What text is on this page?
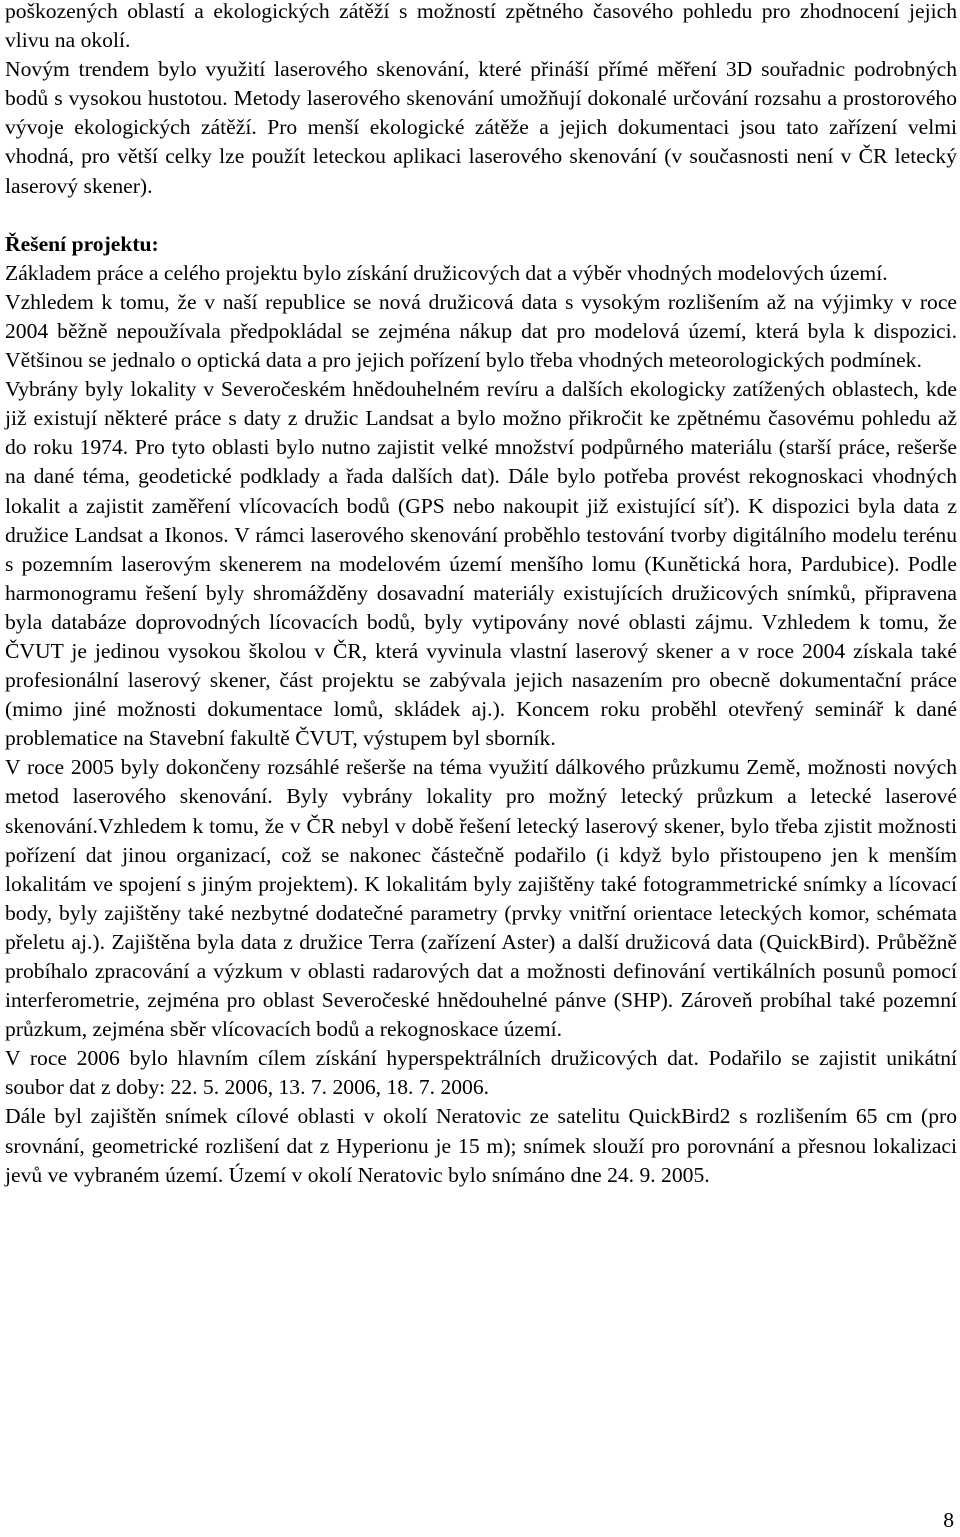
poškozených oblastí a ekologických zátěží s možností zpětného časového pohledu pro zhodnocení jejich vlivu na okolí.

Novým trendem bylo využití laserového skenování, které přináší přímé měření 3D souřadnic podrobných bodů s vysokou hustotou. Metody laserového skenování umožňují dokonalé určování rozsahu a prostorového vývoje ekologických zátěží. Pro menší ekologické zátěže a jejich dokumentaci jsou tato zařízení velmi vhodná, pro větší celky lze použít leteckou aplikaci laserového skenování (v současnosti není v ČR letecký laserový skener).

Řešení projektu:

Základem práce a celého projektu bylo získání družicových dat a výběr vhodných modelových území.

Vzhledem k tomu, že v naší republice se nová družicová data s vysokým rozlišením až na výjimky v roce 2004 běžně nepoužívala předpokládal se zejména nákup dat pro modelová území, která byla k dispozici. Většinou se jednalo o optická data a pro jejich pořízení bylo třeba vhodných meteorologických podmínek.

Vybrány byly lokality v Severočeském hnědouhelném revíru a dalších ekologicky zatížených oblastech, kde již existují některé práce s daty z družic Landsat a bylo možno přikročit ke zpětnému časovému pohledu až do roku 1974. Pro tyto oblasti bylo nutno zajistit velké množství podpůrného materiálu (starší práce, rešerše na dané téma, geodetické podklady a řada dalších dat). Dále bylo potřeba provést rekognoskaci vhodných lokalit a zajistit zaměření vlícovacích bodů (GPS nebo nakoupit již existující síť). K dispozici byla data z družice Landsat a Ikonos. V rámci laserového skenování proběhlo testování tvorby digitálního modelu terénu s pozemním laserovým skenerem na modelovém území menšího lomu (Kunětická hora, Pardubice). Podle harmonogramu řešení byly shromážděny dosavadní materiály existujících družicových snímků, připravena byla databáze doprovodných lícovacích bodů, byly vytipovány nové oblasti zájmu. Vzhledem k tomu, že ČVUT je jedinou vysokou školou v ČR, která vyvinula vlastní laserový skener a v roce 2004 získala také profesionální laserový skener, část projektu se zabývala jejich nasazením pro obecně dokumentační práce (mimo jiné možnosti dokumentace lomů, skládek aj.). Koncem roku proběhl otevřený seminář k dané problematice na Stavební fakultě ČVUT, výstupem byl sborník.

V roce 2005 byly dokončeny rozsáhlé rešerše na téma využití dálkového průzkumu Země, možnosti nových metod laserového skenování. Byly vybrány lokality pro možný letecký průzkum a letecké laserové skenování.Vzhledem k tomu, že v ČR nebyl v době řešení letecký laserový skener, bylo třeba zjistit možnosti pořízení dat jinou organizací, což se nakonec částečně podařilo (i když bylo přistoupeno jen k menším lokalitám ve spojení s jiným projektem). K lokalitám byly zajištěny také fotogrammetrické snímky a lícovací body, byly zajištěny také nezbytné dodatečné parametry (prvky vnitřní orientace leteckých komor, schémata přeletu aj.). Zajištěna byla data z družice Terra (zařízení Aster) a další družicová data (QuickBird). Průběžně probíhalo zpracování a výzkum v oblasti radarových dat a možnosti definování vertikálních posunů pomocí interferometrie, zejména pro oblast Severočeské hnědouhelné pánve (SHP). Zároveň probíhal také pozemní průzkum, zejména sběr vlícovacích bodů a rekognoskace území.

V roce 2006 bylo hlavním cílem získání hyperspektrálních družicových dat. Podařilo se zajistit unikátní soubor dat z doby: 22. 5. 2006, 13. 7. 2006, 18. 7. 2006.

Dále byl zajištěn snímek cílové oblasti v okolí Neratovic ze satelitu QuickBird2 s rozlišením 65 cm (pro srovnání, geometrické rozlišení dat z Hyperionu je 15 m); snímek slouží pro porovnání a přesnou lokalizaci jevů ve vybraném území. Území v okolí Neratovic bylo snímáno dne 24. 9. 2005.

8
